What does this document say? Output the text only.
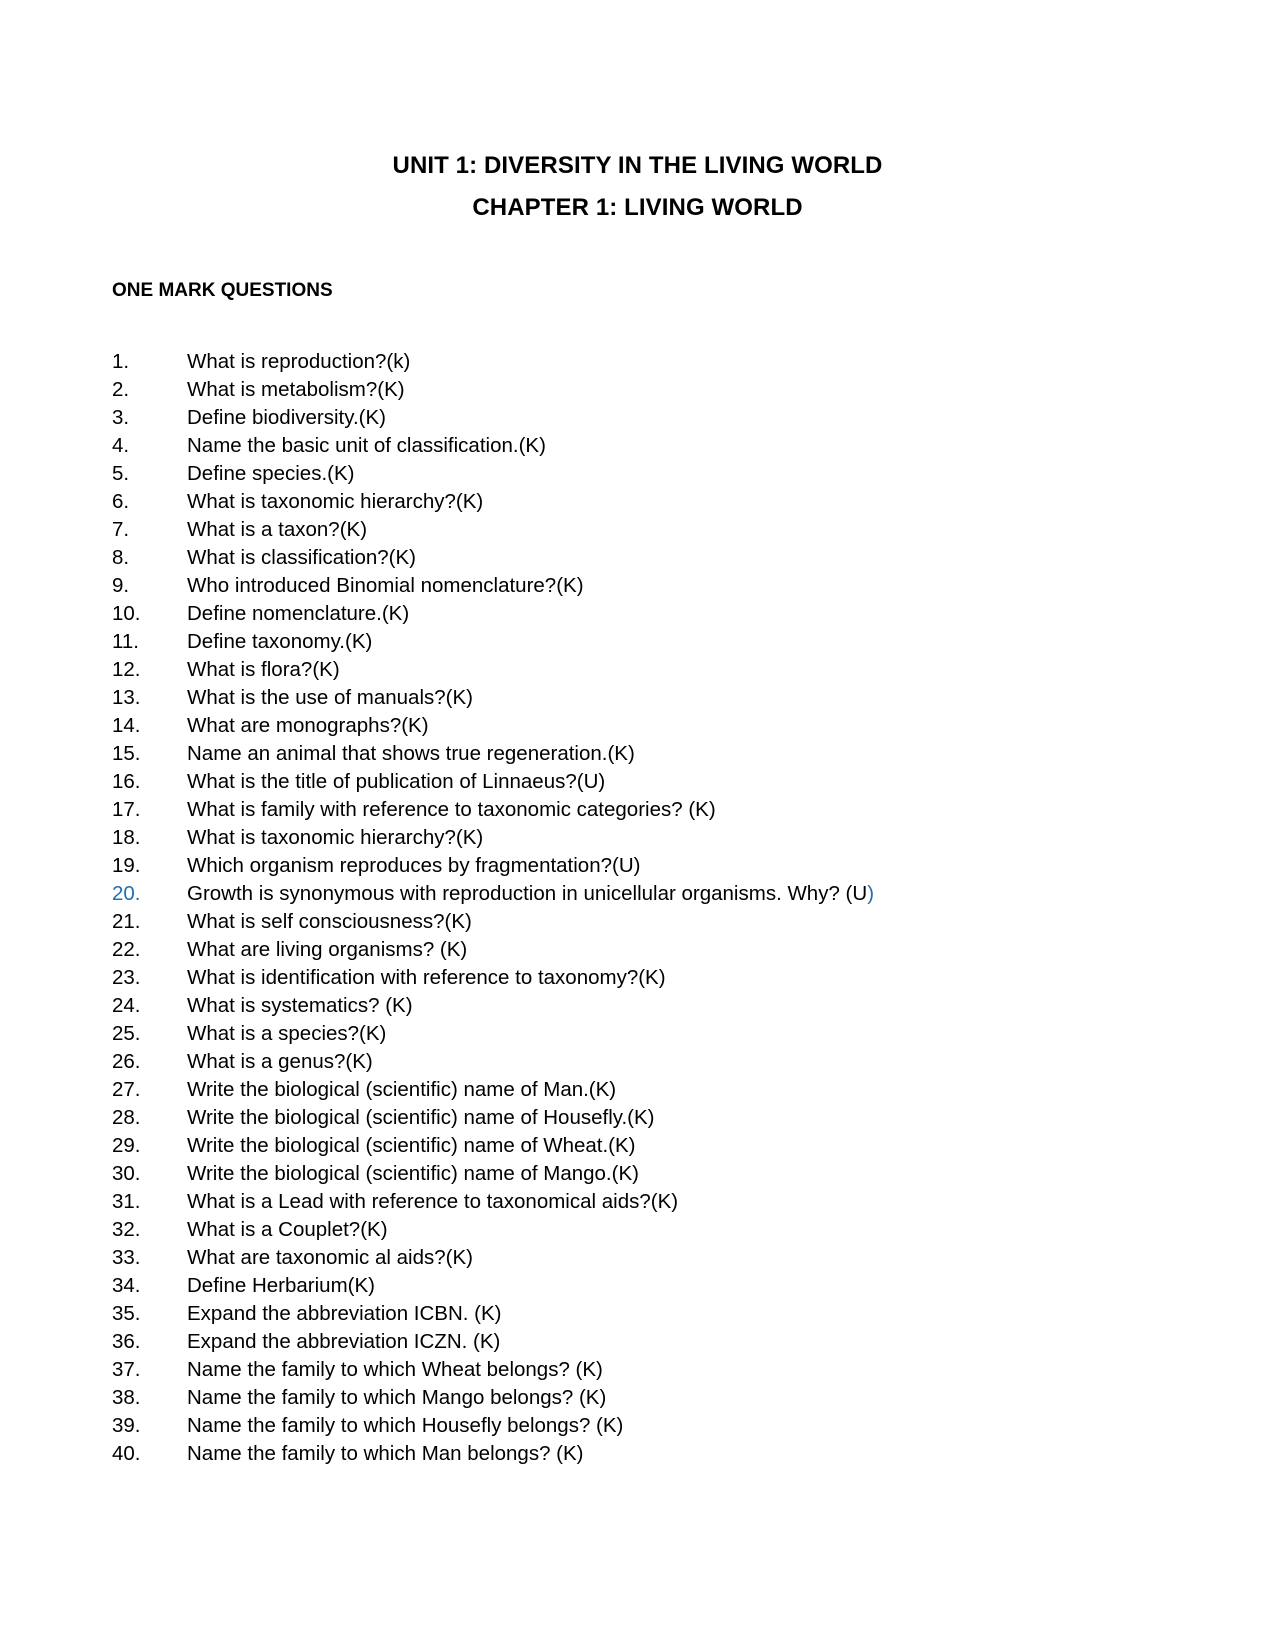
UNIT 1: DIVERSITY IN THE LIVING WORLD
CHAPTER 1: LIVING WORLD
ONE MARK QUESTIONS
1.	What is reproduction?(k)
2.	What is metabolism?(K)
3.	Define biodiversity.(K)
4.	Name the basic unit of classification.(K)
5.	Define species.(K)
6.	What is taxonomic hierarchy?(K)
7.	What is a taxon?(K)
8.	What is classification?(K)
9.	Who introduced Binomial nomenclature?(K)
10.	Define nomenclature.(K)
11.	Define taxonomy.(K)
12.	What is flora?(K)
13.	What is the use of manuals?(K)
14.	What are monographs?(K)
15.	Name an animal that shows true regeneration.(K)
16.	What is the title of publication of Linnaeus?(U)
17.	What is family with reference to taxonomic categories? (K)
18.	What is taxonomic hierarchy?(K)
19.	Which organism reproduces by fragmentation?(U)
20.	Growth is synonymous with reproduction in unicellular organisms. Why? (U)
21.	What is self consciousness?(K)
22.	What are living organisms? (K)
23.	What is identification with reference to taxonomy?(K)
24.	What is systematics? (K)
25.	What is a species?(K)
26.	What is a genus?(K)
27.	Write the biological (scientific) name of Man.(K)
28.	Write the biological (scientific) name of Housefly.(K)
29.	Write the biological (scientific) name of Wheat.(K)
30.	Write the biological (scientific) name of Mango.(K)
31.	What is a Lead with reference to taxonomical aids?(K)
32.	What is a Couplet?(K)
33.	What are taxonomic al aids?(K)
34.	Define Herbarium(K)
35.	Expand the abbreviation ICBN. (K)
36.	Expand the abbreviation ICZN. (K)
37.	Name the family to which Wheat belongs? (K)
38.	Name the family to which Mango belongs? (K)
39.	Name the family to which Housefly belongs? (K)
40.	Name the family to which Man belongs? (K)
